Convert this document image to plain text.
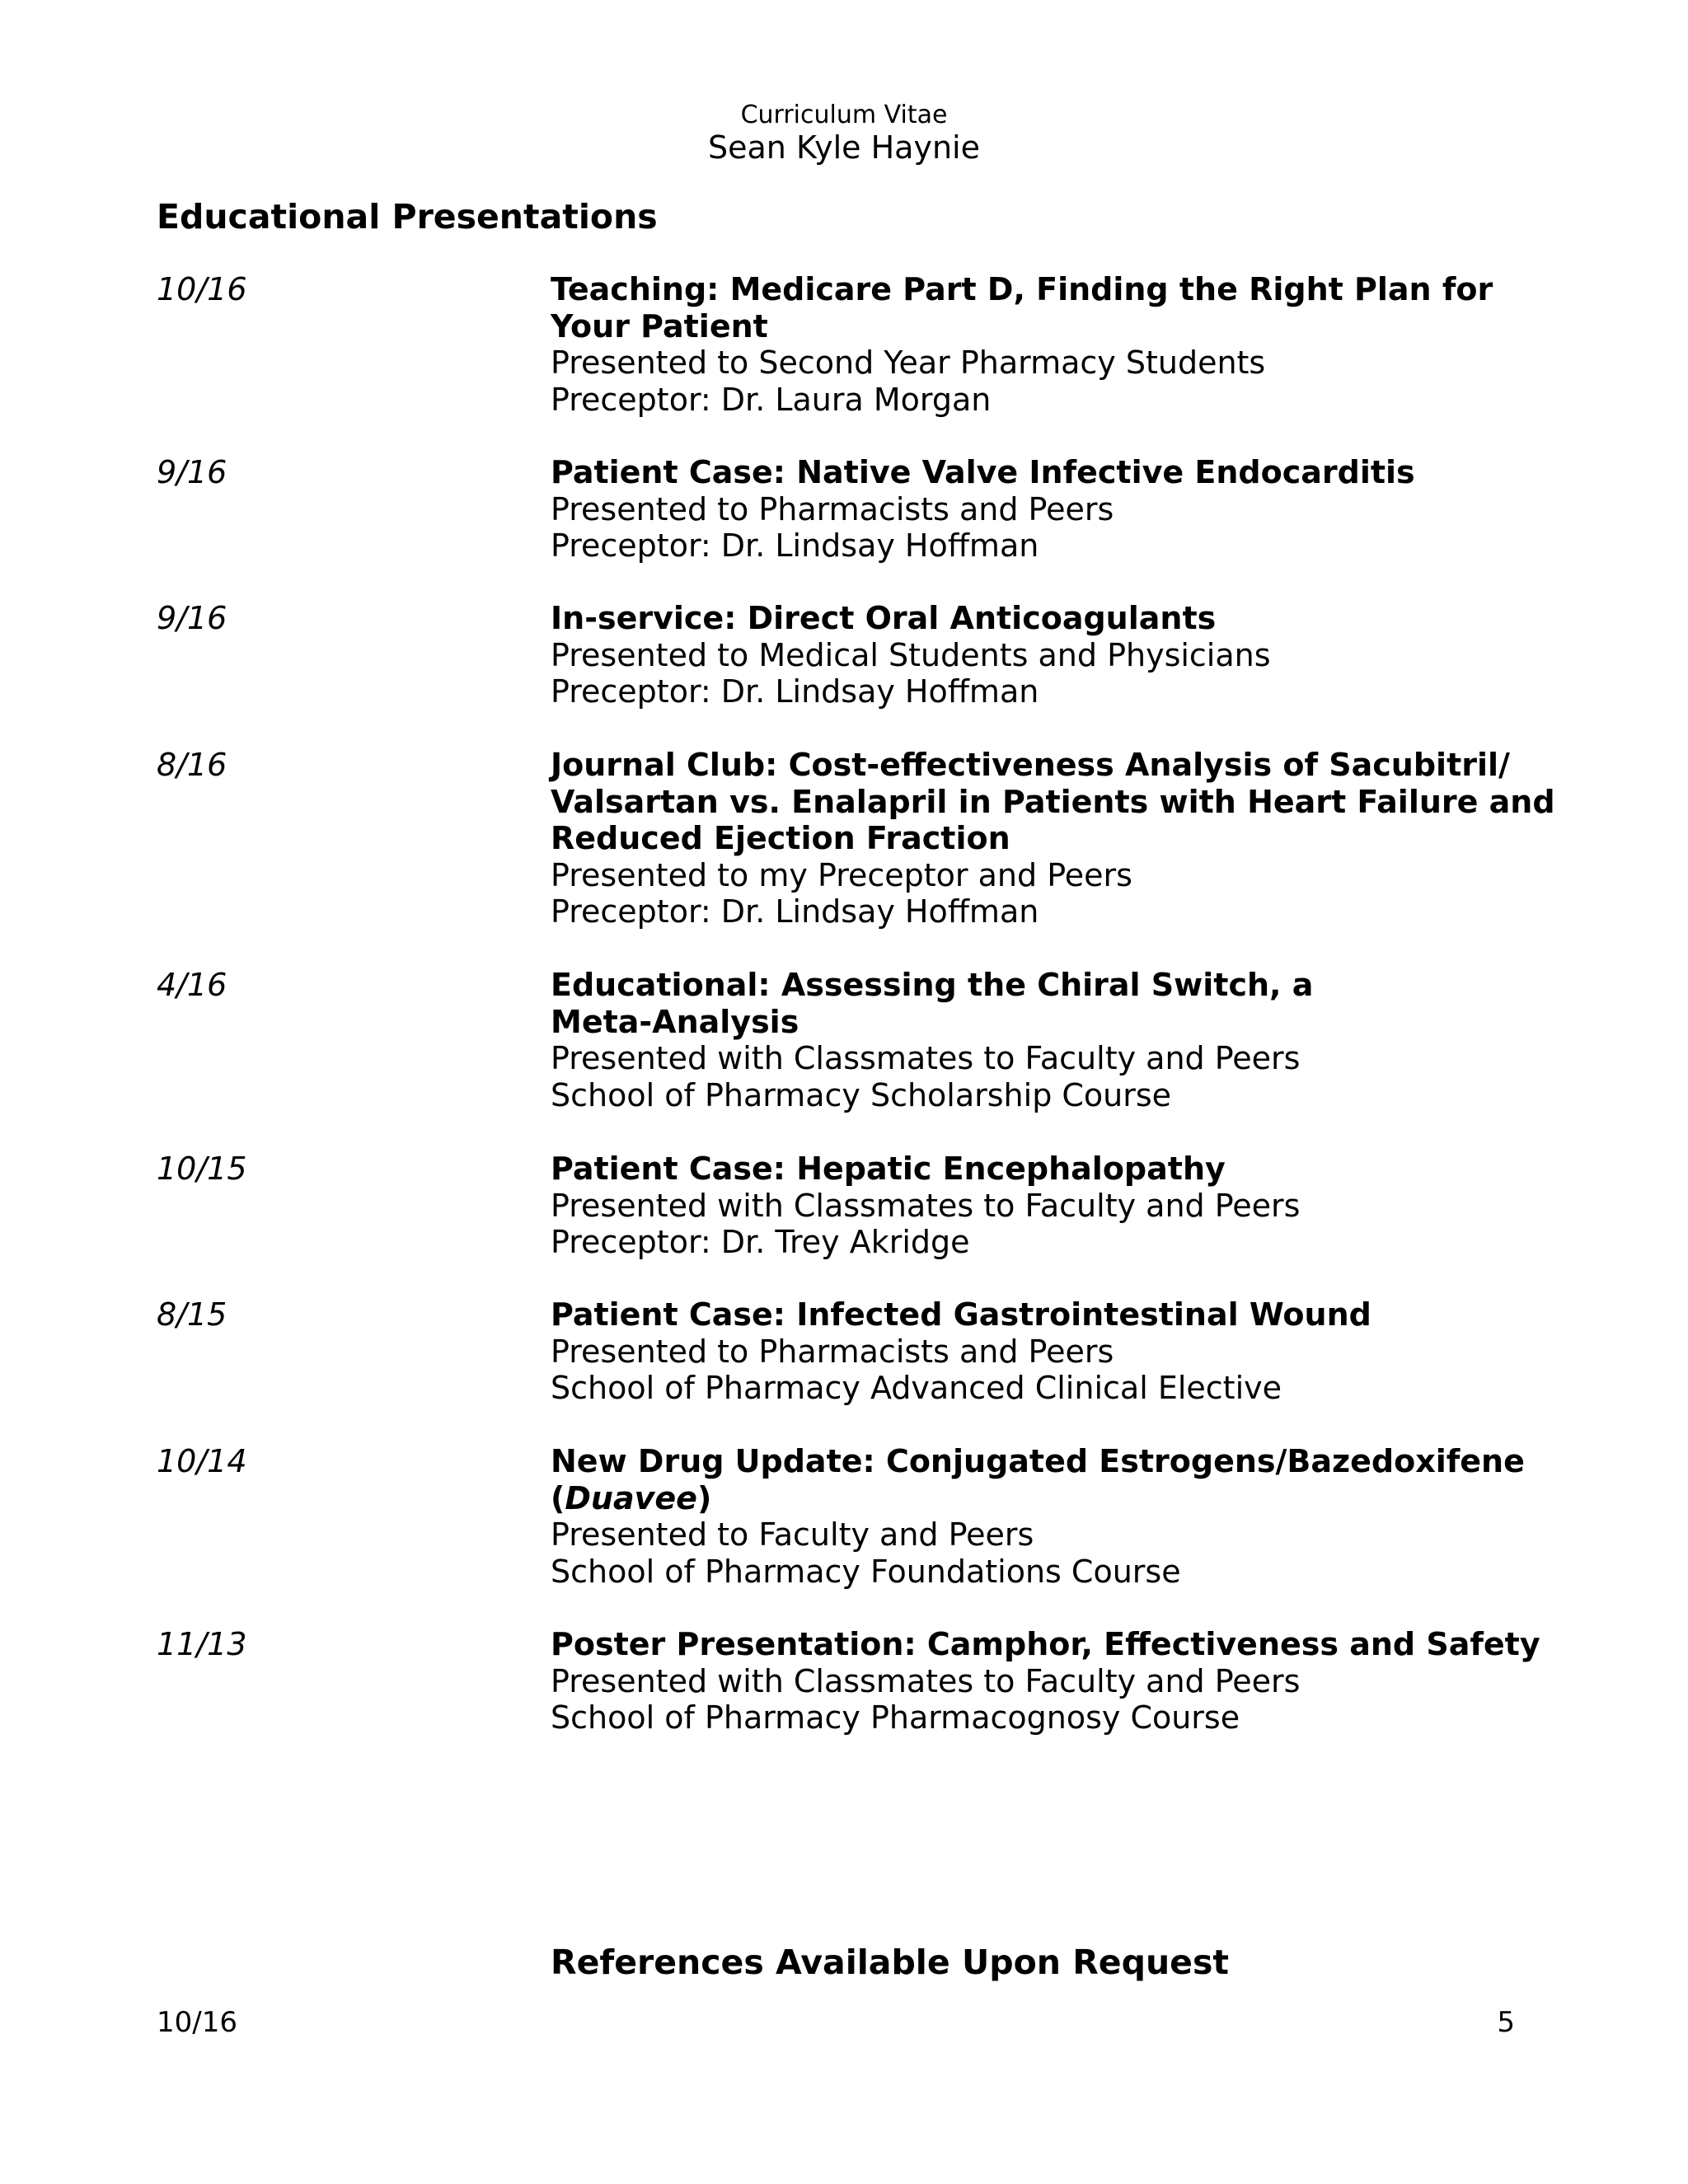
Curriculum Vitae
Sean Kyle Haynie
Educational Presentations
10/16	Teaching: Medicare Part D, Finding the Right Plan for
Your Patient
Presented to Second Year Pharmacy Students
Preceptor: Dr. Laura Morgan
9/16	Patient Case: Native Valve Infective Endocarditis
Presented to Pharmacists and Peers
Preceptor: Dr. Lindsay Hoffman
9/16	In-service: Direct Oral Anticoagulants
Presented to Medical Students and Physicians
Preceptor: Dr. Lindsay Hoffman
8/16	Journal Club: Cost-effectiveness Analysis of Sacubitril/
Valsartan vs. Enalapril in Patients with Heart Failure and
Reduced Ejection Fraction
Presented to my Preceptor and Peers
Preceptor: Dr. Lindsay Hoffman
4/16	Educational: Assessing the Chiral Switch, a
Meta-Analysis
Presented with Classmates to Faculty and Peers
School of Pharmacy Scholarship Course
10/15	Patient Case: Hepatic Encephalopathy
Presented with Classmates to Faculty and Peers
Preceptor: Dr. Trey Akridge
8/15	Patient Case: Infected Gastrointestinal Wound
Presented to Pharmacists and Peers
School of Pharmacy Advanced Clinical Elective
10/14	New Drug Update: Conjugated Estrogens/Bazedoxifene
(Duavee)
Presented to Faculty and Peers
School of Pharmacy Foundations Course
11/13	Poster Presentation: Camphor, Effectiveness and Safety
Presented with Classmates to Faculty and Peers
School of Pharmacy Pharmacognosy Course
References Available Upon Request
10/16	5
